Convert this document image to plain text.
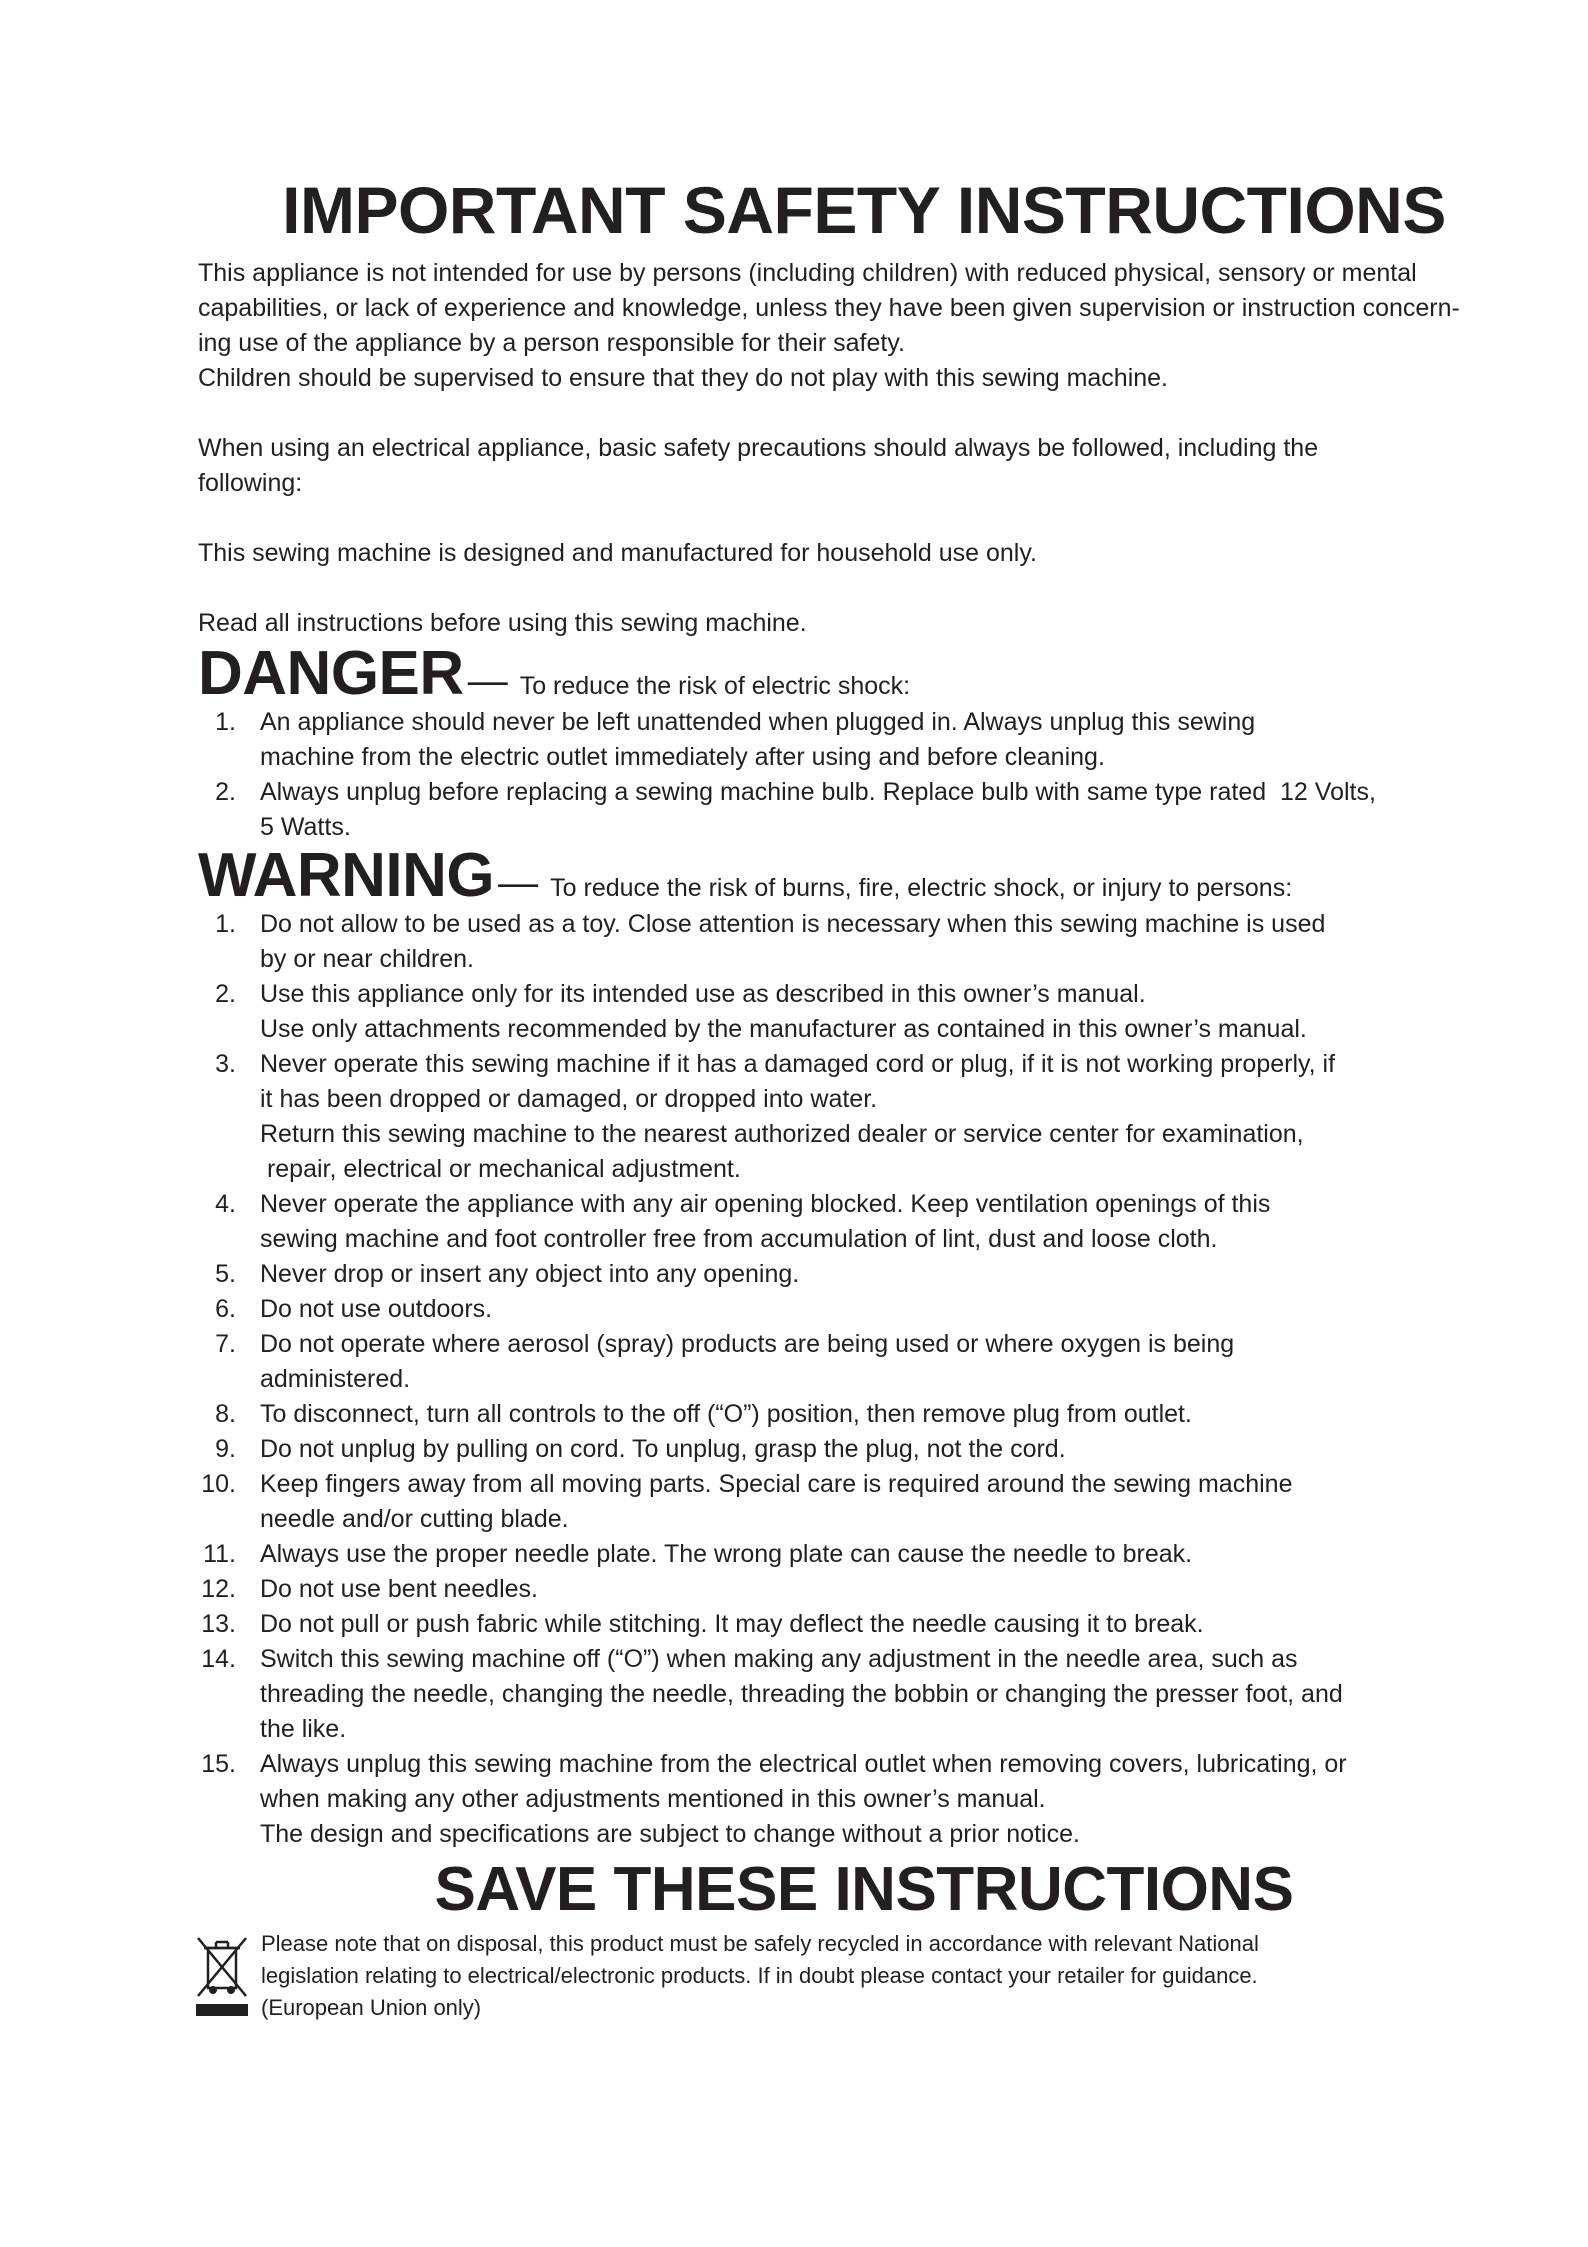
IMPORTANT SAFETY INSTRUCTIONS

This appliance is not intended for use by persons (including children) with reduced physical, sensory or mental

capabilities, or lack of experience and knowledge, unless they have been given supervision or instruction concern-

ing use of the appliance by a person responsible for their safety.

Children should be supervised to ensure that they do not play with this sewing machine.

When using an electrical appliance, basic safety precautions should always be followed, including the

following:

This sewing machine is designed and manufactured for household use only.

Read all instructions before using this sewing machine.

DANGER — To reduce the risk of electric shock:
1. An appliance should never be left unattended when plugged in. Always unplug this sewing
machine from the electric outlet immediately after using and before cleaning.
2. Always unplug before replacing a sewing machine bulb. Replace bulb with same type rated  12 Volts,
5 Watts.
WARNING — To reduce the risk of burns, fire, electric shock, or injury to persons:
1. Do not allow to be used as a toy. Close attention is necessary when this sewing machine is used
by or near children.
2. Use this appliance only for its intended use as described in this owner’s manual.
Use only attachments recommended by the manufacturer as contained in this owner’s manual.
3. Never operate this sewing machine if it has a damaged cord or plug, if it is not working properly, if
it has been dropped or damaged, or dropped into water.
Return this sewing machine to the nearest authorized dealer or service center for examination,
repair, electrical or mechanical adjustment.
4. Never operate the appliance with any air opening blocked. Keep ventilation openings of this
sewing machine and foot controller free from accumulation of lint, dust and loose cloth.
5. Never drop or insert any object into any opening.
6. Do not use outdoors.
7. Do not operate where aerosol (spray) products are being used or where oxygen is being
administered.
8. To disconnect, turn all controls to the off (“O”) position, then remove plug from outlet.
9. Do not unplug by pulling on cord. To unplug, grasp the plug, not the cord.
10. Keep fingers away from all moving parts. Special care is required around the sewing machine
needle and/or cutting blade.
11. Always use the proper needle plate. The wrong plate can cause the needle to break.
12. Do not use bent needles.
13. Do not pull or push fabric while stitching. It may deflect the needle causing it to break.
14. Switch this sewing machine off (“O”) when making any adjustment in the needle area, such as
threading the needle, changing the needle, threading the bobbin or changing the presser foot, and
the like.
15. Always unplug this sewing machine from the electrical outlet when removing covers, lubricating, or
when making any other adjustments mentioned in this owner’s manual.
The design and specifications are subject to change without a prior notice.
SAVE THESE INSTRUCTIONS

Please note that on disposal, this product must be safely recycled in accordance with relevant National

legislation relating to electrical/electronic products. If in doubt please contact your retailer for guidance.

(European Union only)
